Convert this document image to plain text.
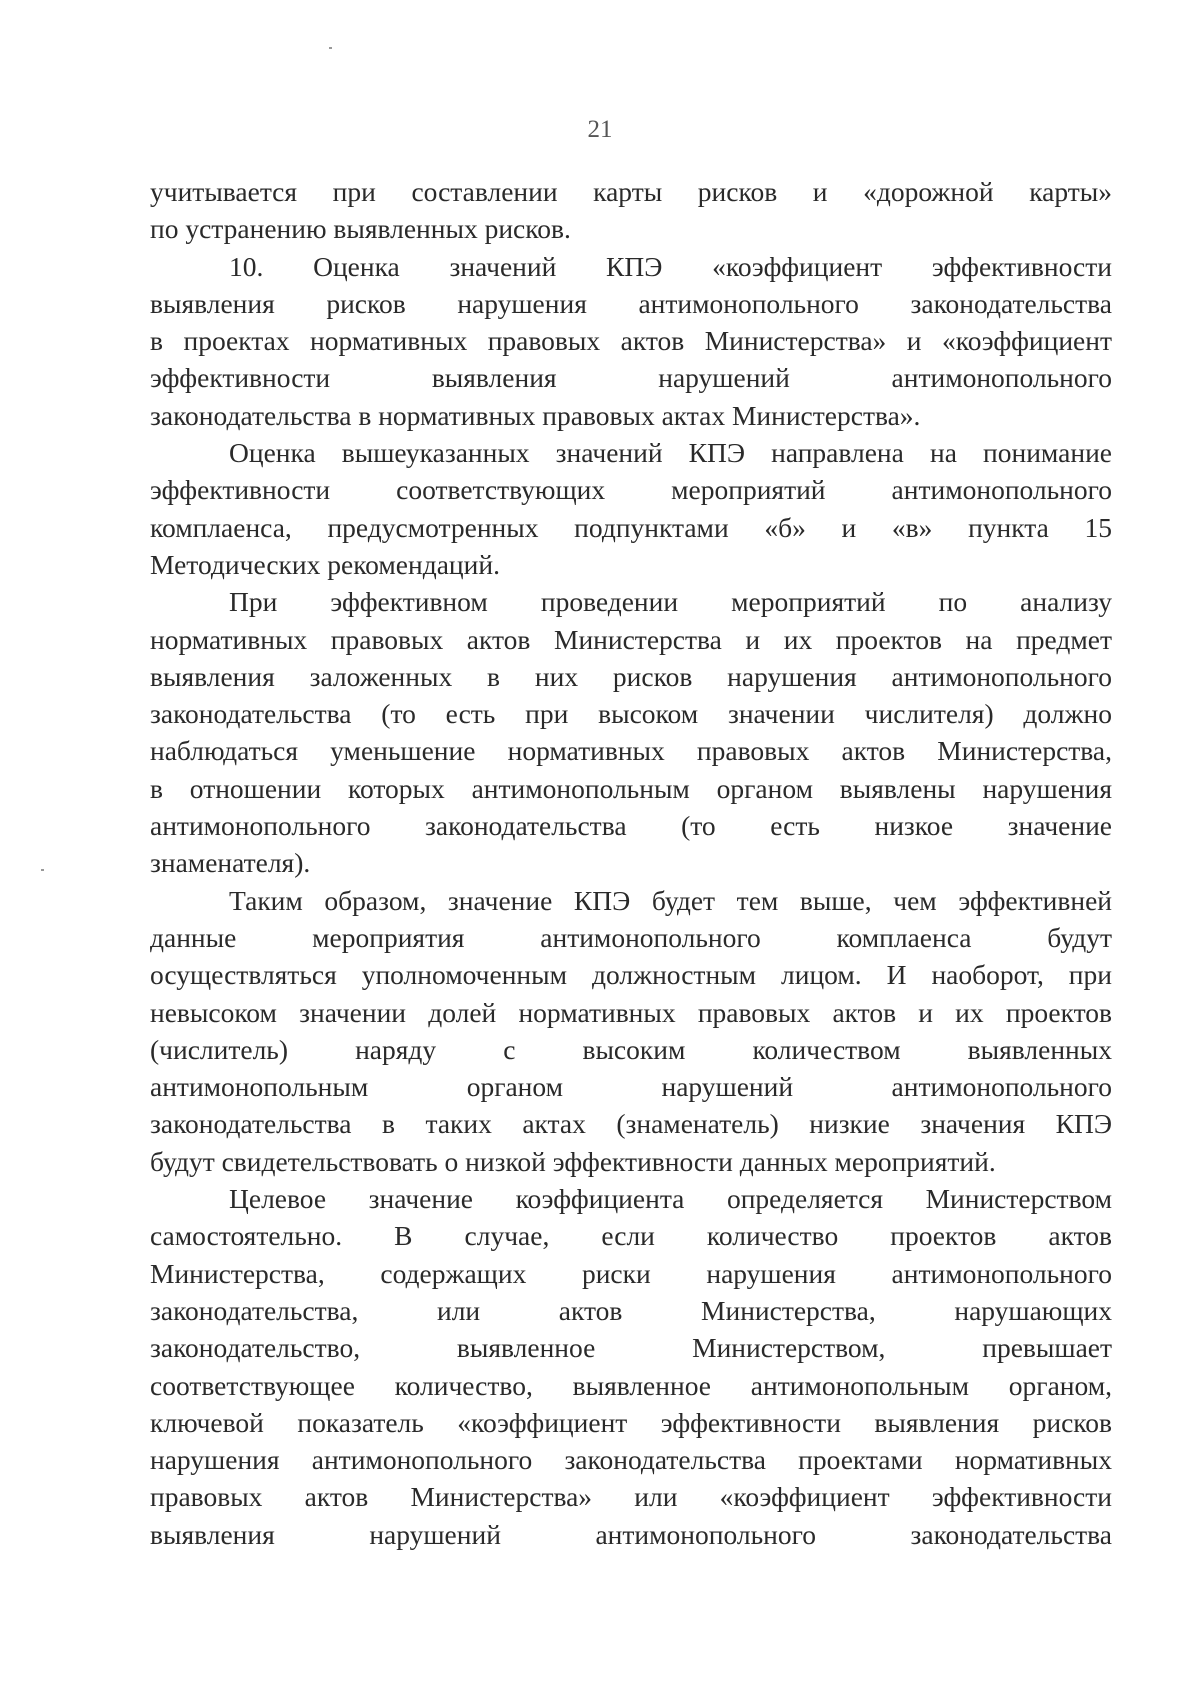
21
учитывается при составлении карты рисков и «дорожной карты»
по устранению выявленных рисков.
10. Оценка значений КПЭ «коэффициент эффективности
выявления рисков нарушения антимонопольного законодательства
в проектах нормативных правовых актов Министерства» и «коэффициент
эффективности выявления нарушений антимонопольного
законодательства в нормативных правовых актах Министерства».
Оценка вышеуказанных значений КПЭ направлена на понимание
эффективности соответствующих мероприятий антимонопольного
комплаенса, предусмотренных подпунктами «б» и «в» пункта 15
Методических рекомендаций.
При эффективном проведении мероприятий по анализу
нормативных правовых актов Министерства и их проектов на предмет
выявления заложенных в них рисков нарушения антимонопольного
законодательства (то есть при высоком значении числителя) должно
наблюдаться уменьшение нормативных правовых актов Министерства,
в отношении которых антимонопольным органом выявлены нарушения
антимонопольного законодательства (то есть низкое значение
знаменателя).
Таким образом, значение КПЭ будет тем выше, чем эффективней
данные мероприятия антимонопольного комплаенса будут
осуществляться уполномоченным должностным лицом. И наоборот, при
невысоком значении долей нормативных правовых актов и их проектов
(числитель) наряду с высоким количеством выявленных
антимонопольным органом нарушений антимонопольного
законодательства в таких актах (знаменатель) низкие значения КПЭ
будут свидетельствовать о низкой эффективности данных мероприятий.
Целевое значение коэффициента определяется Министерством
самостоятельно. В случае, если количество проектов актов
Министерства, содержащих риски нарушения антимонопольного
законодательства, или актов Министерства, нарушающих
законодательство, выявленное Министерством, превышает
соответствующее количество, выявленное антимонопольным органом,
ключевой показатель «коэффициент эффективности выявления рисков
нарушения антимонопольного законодательства проектами нормативных
правовых актов Министерства» или «коэффициент эффективности
выявления нарушений антимонопольного законодательства
